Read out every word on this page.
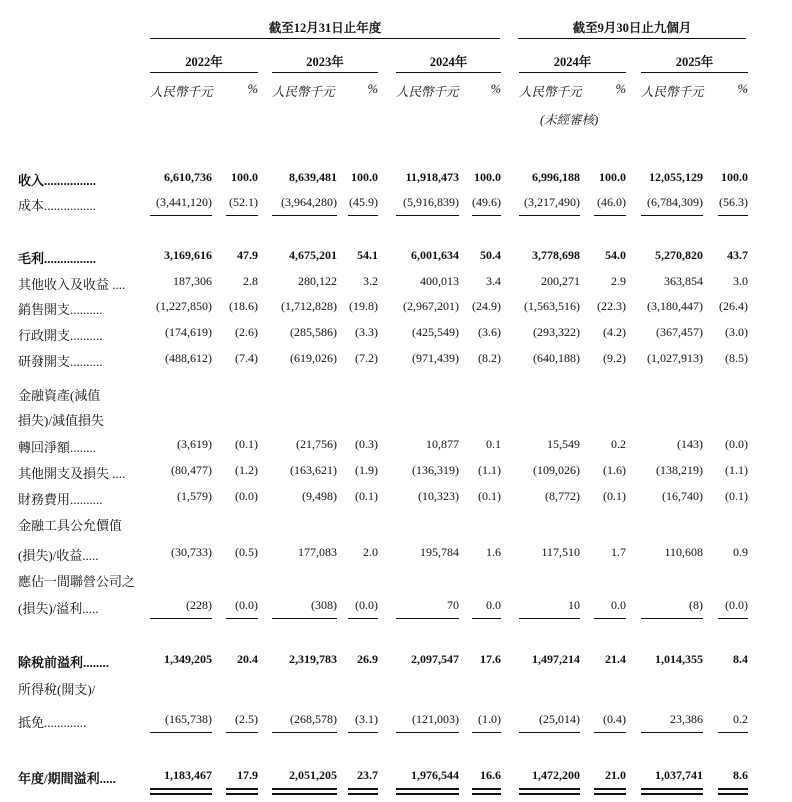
截至12月31日止年度	截至9月30日止九個月
2022年
人民幣千元	%
2023年
人民幣千元	%
2024年
人民幣千元	%
2024年
人民幣千元	%
2025年
人民幣千元	%
(未經審核)
收入................	6,610,736	100.0	8,639,481 100.0	11,918,473 100.0	6,996,188	100.0	12,055,129 100.0
成本................	(3,441,120) (52.1)	(3,964,280) (45.9)	(5,916,839) (49.6)	(3,217,490) (46.0)	(6,784,309) (56.3)
毛利................	3,169,616	47.9	4,675,201	54.1	6,001,634	50.4	3,778,698	54.0	5,270,820	43.7
其他收入及收益 ....	187,306	2.8	280,122	3.2	400,013	3.4	200,271	2.9	363,854	3.0
銷售開支..........	(1,227,850) (18.6)	(1,712,828) (19.8)	(2,967,201) (24.9)	(1,563,516) (22.3)	(3,180,447) (26.4)
行政開支..........	(174,619)	(2.6)	(285,586)	(3.3)	(425,549)	(3.6)	(293,322)	(4.2)	(367,457)	(3.0)
研發開支..........	(488,612)	(7.4)	(619,026)	(7.2)	(971,439)	(8.2)	(640,188)	(9.2)	(1,027,913)	(8.5)
金融資產(減值
損失)/減值損失
轉回淨額........	(3,619)	(0.1)	(21,756)	(0.3)	10,877	0.1	15,549	0.2	(143)	(0.0)
其他開支及損失 ....	(80,477)	(1.2)	(163,621)	(1.9)	(136,319)	(1.1)	(109,026)	(1.6)	(138,219)	(1.1)
財務費用..........	(1,579)	(0.0)	(9,498)	(0.1)	(10,323)	(0.1)	(8,772)	(0.1)	(16,740)	(0.1)
金融工具公允價值
(損失)/收益.....	(30,733)	(0.5)	177,083	2.0	195,784	1.6	117,510	1.7	110,608	0.9
應佔一間聯營公司之
(損失)/溢利.....	(228)	(0.0)	(308)	(0.0)	70	0.0	10	0.0	(8)	(0.0)
除稅前溢利........	1,349,205	20.4	2,319,783	26.9	2,097,547	17.6	1,497,214	21.4	1,014,355	8.4
所得稅(開支)/
抵免.............	(165,738)	(2.5)	(268,578)	(3.1)	(121,003)	(1.0)	(25,014)	(0.4)	23,386	0.2
年度/期間溢利.....	1,183,467	17.9	2,051,205	23.7	1,976,544	16.6	1,472,200	21.0	1,037,741	8.6
